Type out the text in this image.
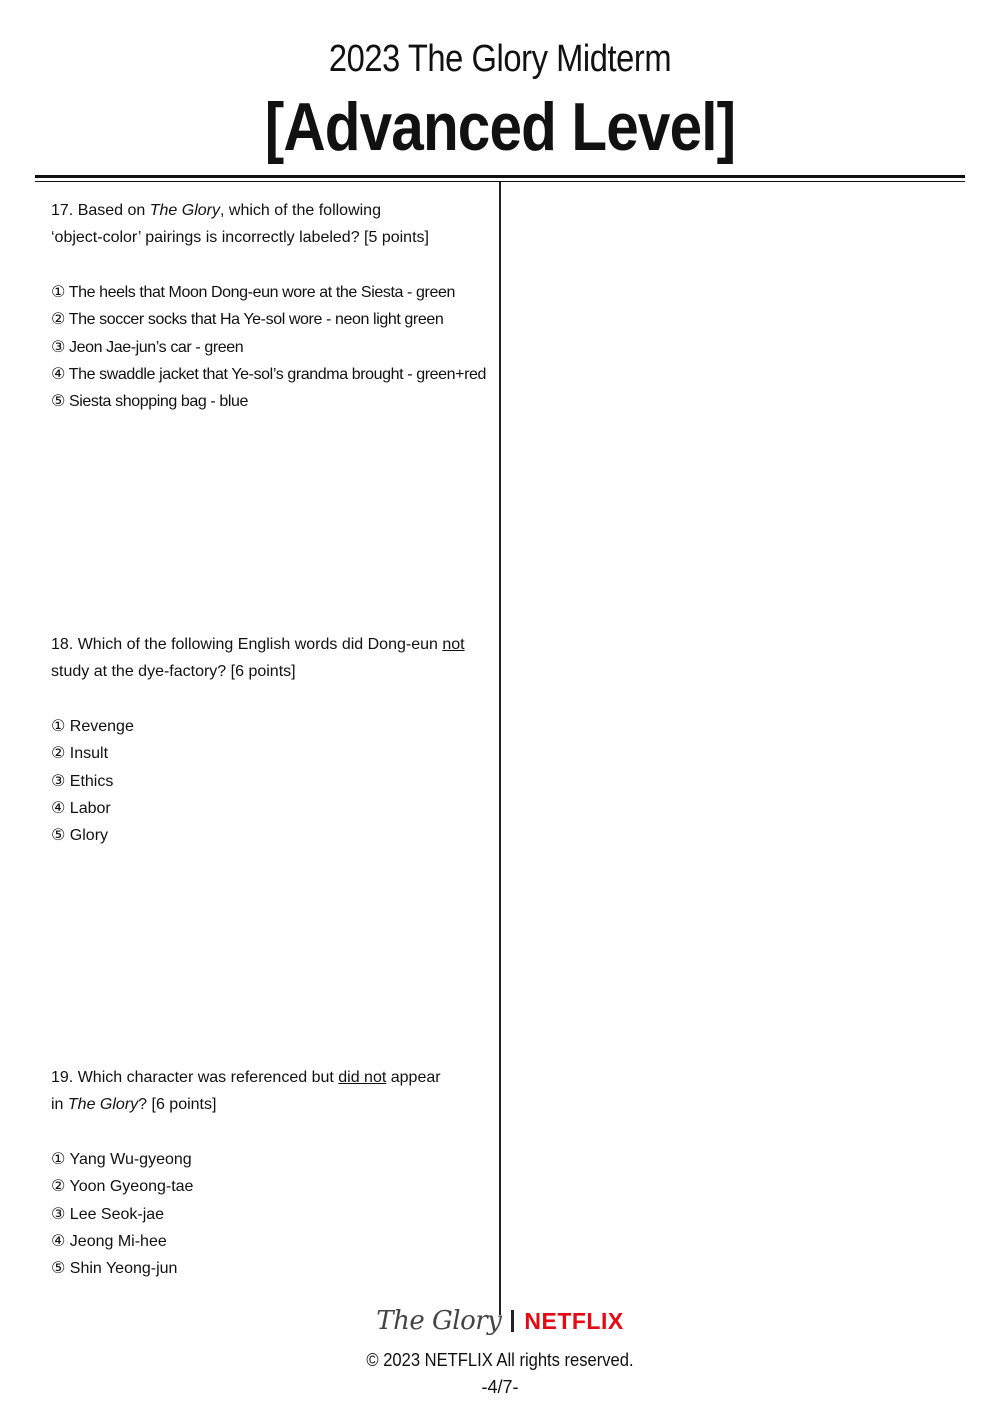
2023 The Glory Midterm
[Advanced Level]

17. Based on The Glory, which of the following
‘object-color’ pairings is incorrectly labeled? [5 points]

① The heels that Moon Dong-eun wore at the Siesta - green
② The soccer socks that Ha Ye-sol wore - neon light green
③ Jeon Jae-jun’s car - green
④ The swaddle jacket that Ye-sol’s grandma brought - green+red
⑤ Siesta shopping bag - blue

18. Which of the following English words did Dong-eun not
study at the dye-factory? [6 points]

① Revenge
② Insult
③ Ethics
④ Labor
⑤ Glory

19. Which character was referenced but did not appear
in The Glory? [6 points]

① Yang Wu-gyeong
② Yoon Gyeong-tae
③ Lee Seok-jae
④ Jeong Mi-hee
⑤ Shin Yeong-jun
The Glory NETFLIX
© 2023 NETFLIX All rights reserved.
-4/7-
